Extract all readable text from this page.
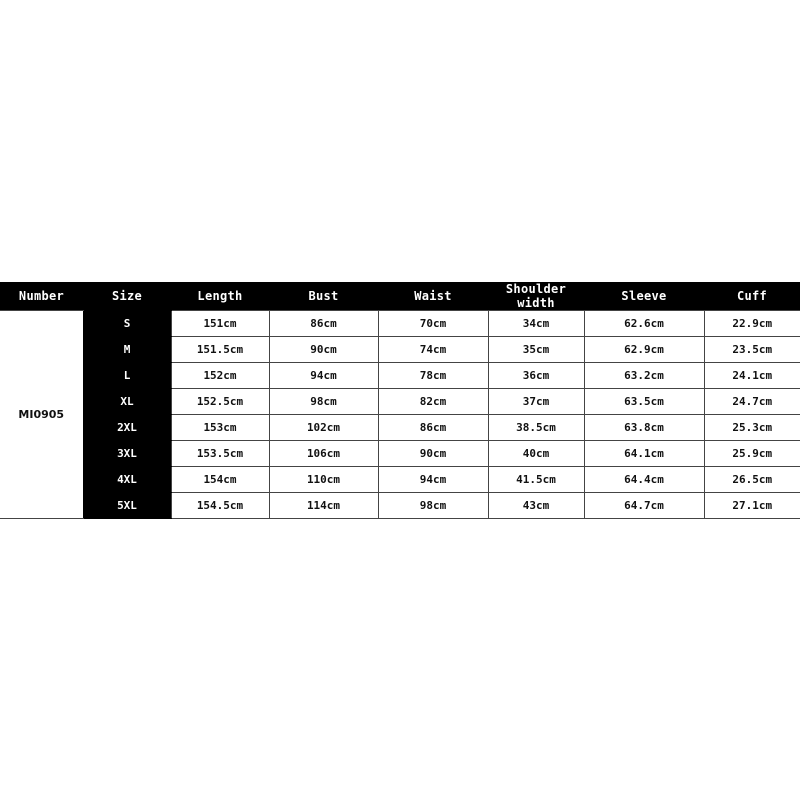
Number	Size	Length	Bust	Waist	Shoulder width	Sleeve	Cuff
MI0905	S	151cm	86cm	70cm	34cm	62.6cm	22.9cm
	M	151.5cm	90cm	74cm	35cm	62.9cm	23.5cm
	L	152cm	94cm	78cm	36cm	63.2cm	24.1cm
	XL	152.5cm	98cm	82cm	37cm	63.5cm	24.7cm
	2XL	153cm	102cm	86cm	38.5cm	63.8cm	25.3cm
	3XL	153.5cm	106cm	90cm	40cm	64.1cm	25.9cm
	4XL	154cm	110cm	94cm	41.5cm	64.4cm	26.5cm
	5XL	154.5cm	114cm	98cm	43cm	64.7cm	27.1cm
